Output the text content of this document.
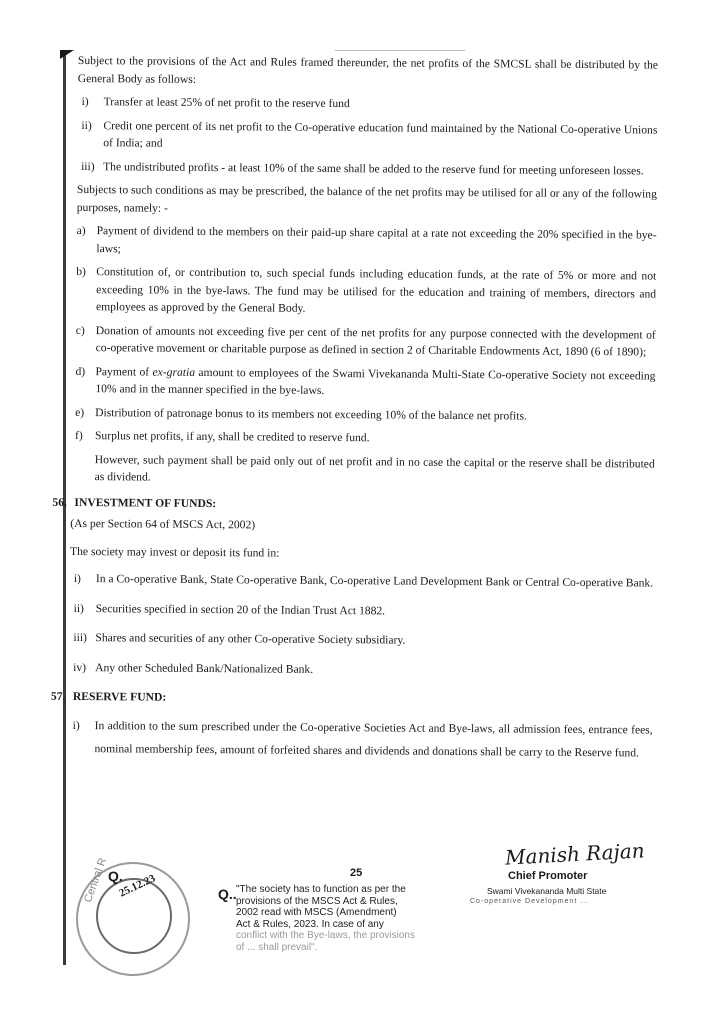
Subject to the provisions of the Act and Rules framed thereunder, the net profits of the SMCSL shall be distributed by the General Body as follows:

i)	Transfer at least 25% of net profit to the reserve fund
ii) Credit one percent of its net profit to the Co-operative education fund maintained by the National Co-operative Unions of India; and
iii) The undistributed profits - at least 10% of the same shall be added to the reserve fund for meeting unforeseen losses.

Subjects to such conditions as may be prescribed, the balance of the net profits may be utilised for all or any of the following purposes, namely: -

a) Payment of dividend to the members on their paid-up share capital at a rate not exceeding the 20% specified in the bye-laws;
b) Constitution of, or contribution to, such special funds including education funds, at the rate of 5% or more and not exceeding 10% in the bye-laws. The fund may be utilised for the education and training of members, directors and employees as approved by the General Body.
c) Donation of amounts not exceeding five per cent of the net profits for any purpose connected with the development of co-operative movement or charitable purpose as defined in section 2 of Charitable Endowments Act, 1890 (6 of 1890);
d) Payment of ex-gratia amount to employees of the Swami Vivekananda Multi-State Co-operative Society not exceeding 10% and in the manner specified in the bye-laws.
e) Distribution of patronage bonus to its members not exceeding 10% of the balance net profits.
f)	Surplus net profits, if any, shall be credited to reserve fund.

However, such payment shall be paid only out of net profit and in no case the capital or the reserve shall be distributed as dividend.

56. INVESTMENT OF FUNDS:

(As per Section 64 of MSCS Act, 2002)

The society may invest or deposit its fund in:

i)	In a Co-operative Bank, State Co-operative Bank, Co-operative Land Development Bank or Central Co-operative Bank.
ii) Securities specified in section 20 of the Indian Trust Act 1882.
iii) Shares and securities of any other Co-operative Society subsidiary.
iv) Any other Scheduled Bank/Nationalized Bank.
57. RESERVE FUND:
i)	In addition to the sum prescribed under the Co-operative Societies Act and Bye-laws, all admission fees, entrance fees, nominal membership fees, amount of forfeited shares and dividends and donations shall be carry to the Reserve fund.
Central R
Q.
25.12.23	25
Q.. "The society has to function as per the
provisions of the MSCS Act & Rules,
2002 read with MSCS (Amendment)
Act & Rules, 2023. In case of any
conflict with the Bye-laws, the provisions
of ... shall prevail".
Manish Rajan
Chief Promoter
Swami Vivekananda Multi State
Co-operative Development ...
